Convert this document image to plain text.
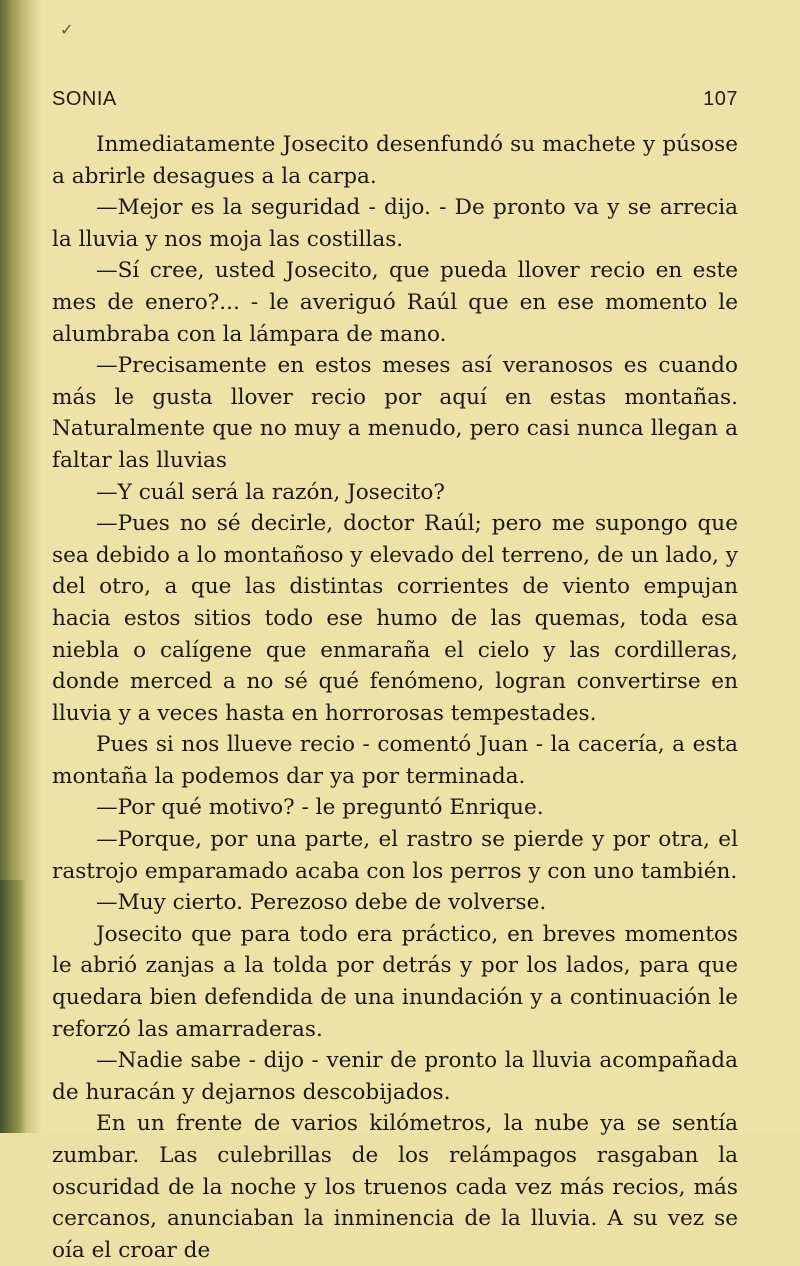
✓
SONIA	107

Inmediatamente Josecito desenfundó su machete y púsose a abrirle desagues a la carpa.

—Mejor es la seguridad - dijo. - De pronto va y se arrecia la lluvia y nos moja las costillas.

—Sí cree, usted Josecito, que pueda llover recio en este mes de enero?... - le averiguó Raúl que en ese momento le alumbraba con la lámpara de mano.

—Precisamente en estos meses así veranosos es cuando más le gusta llover recio por aquí en estas montañas. Naturalmente que no muy a menudo, pero casi nunca llegan a faltar las lluvias

—Y cuál será la razón, Josecito?

—Pues no sé decirle, doctor Raúl; pero me supongo que sea debido a lo montañoso y elevado del terreno, de un lado, y del otro, a que las distintas corrientes de viento empujan hacia estos sitios todo ese humo de las quemas, toda esa niebla o calígene que enmaraña el cielo y las cordilleras, donde merced a no sé qué fenómeno, logran convertirse en lluvia y a veces hasta en horrorosas tempestades.

Pues si nos llueve recio - comentó Juan - la cacería, a esta montaña la podemos dar ya por terminada.

—Por qué motivo? - le preguntó Enrique.

—Porque, por una parte, el rastro se pierde y por otra, el rastrojo emparamado acaba con los perros y con uno también.

—Muy cierto. Perezoso debe de volverse.

Josecito que para todo era práctico, en breves momentos le abrió zanjas a la tolda por detrás y por los lados, para que quedara bien defendida de una inundación y a continuación le reforzó las amarraderas.

—Nadie sabe - dijo - venir de pronto la lluvia acompañada de huracán y dejarnos descobijados.

En un frente de varios kilómetros, la nube ya se sentía zumbar. Las culebrillas de los relámpagos rasgaban la oscuridad de la noche y los truenos cada vez más recios, más cercanos, anunciaban la inminencia de la lluvia. A su vez se oía el croar de
